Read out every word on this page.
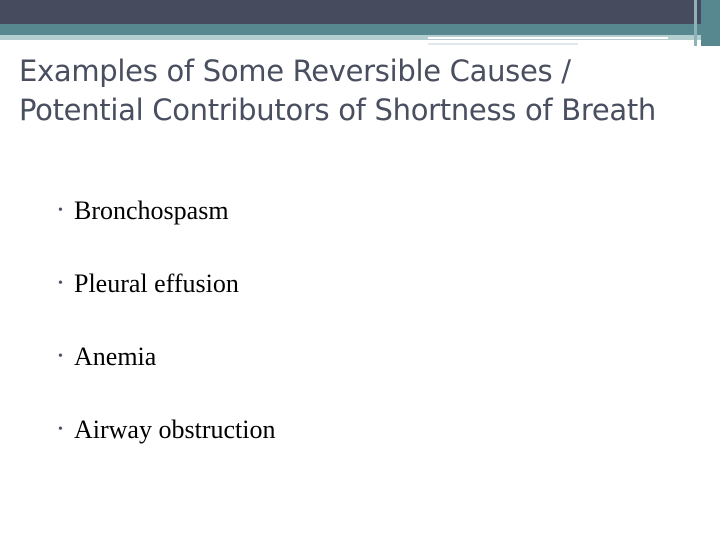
Examples of Some Reversible Causes / Potential Contributors of Shortness of Breath
• Bronchospasm
• Pleural effusion
• Anemia
• Airway obstruction
